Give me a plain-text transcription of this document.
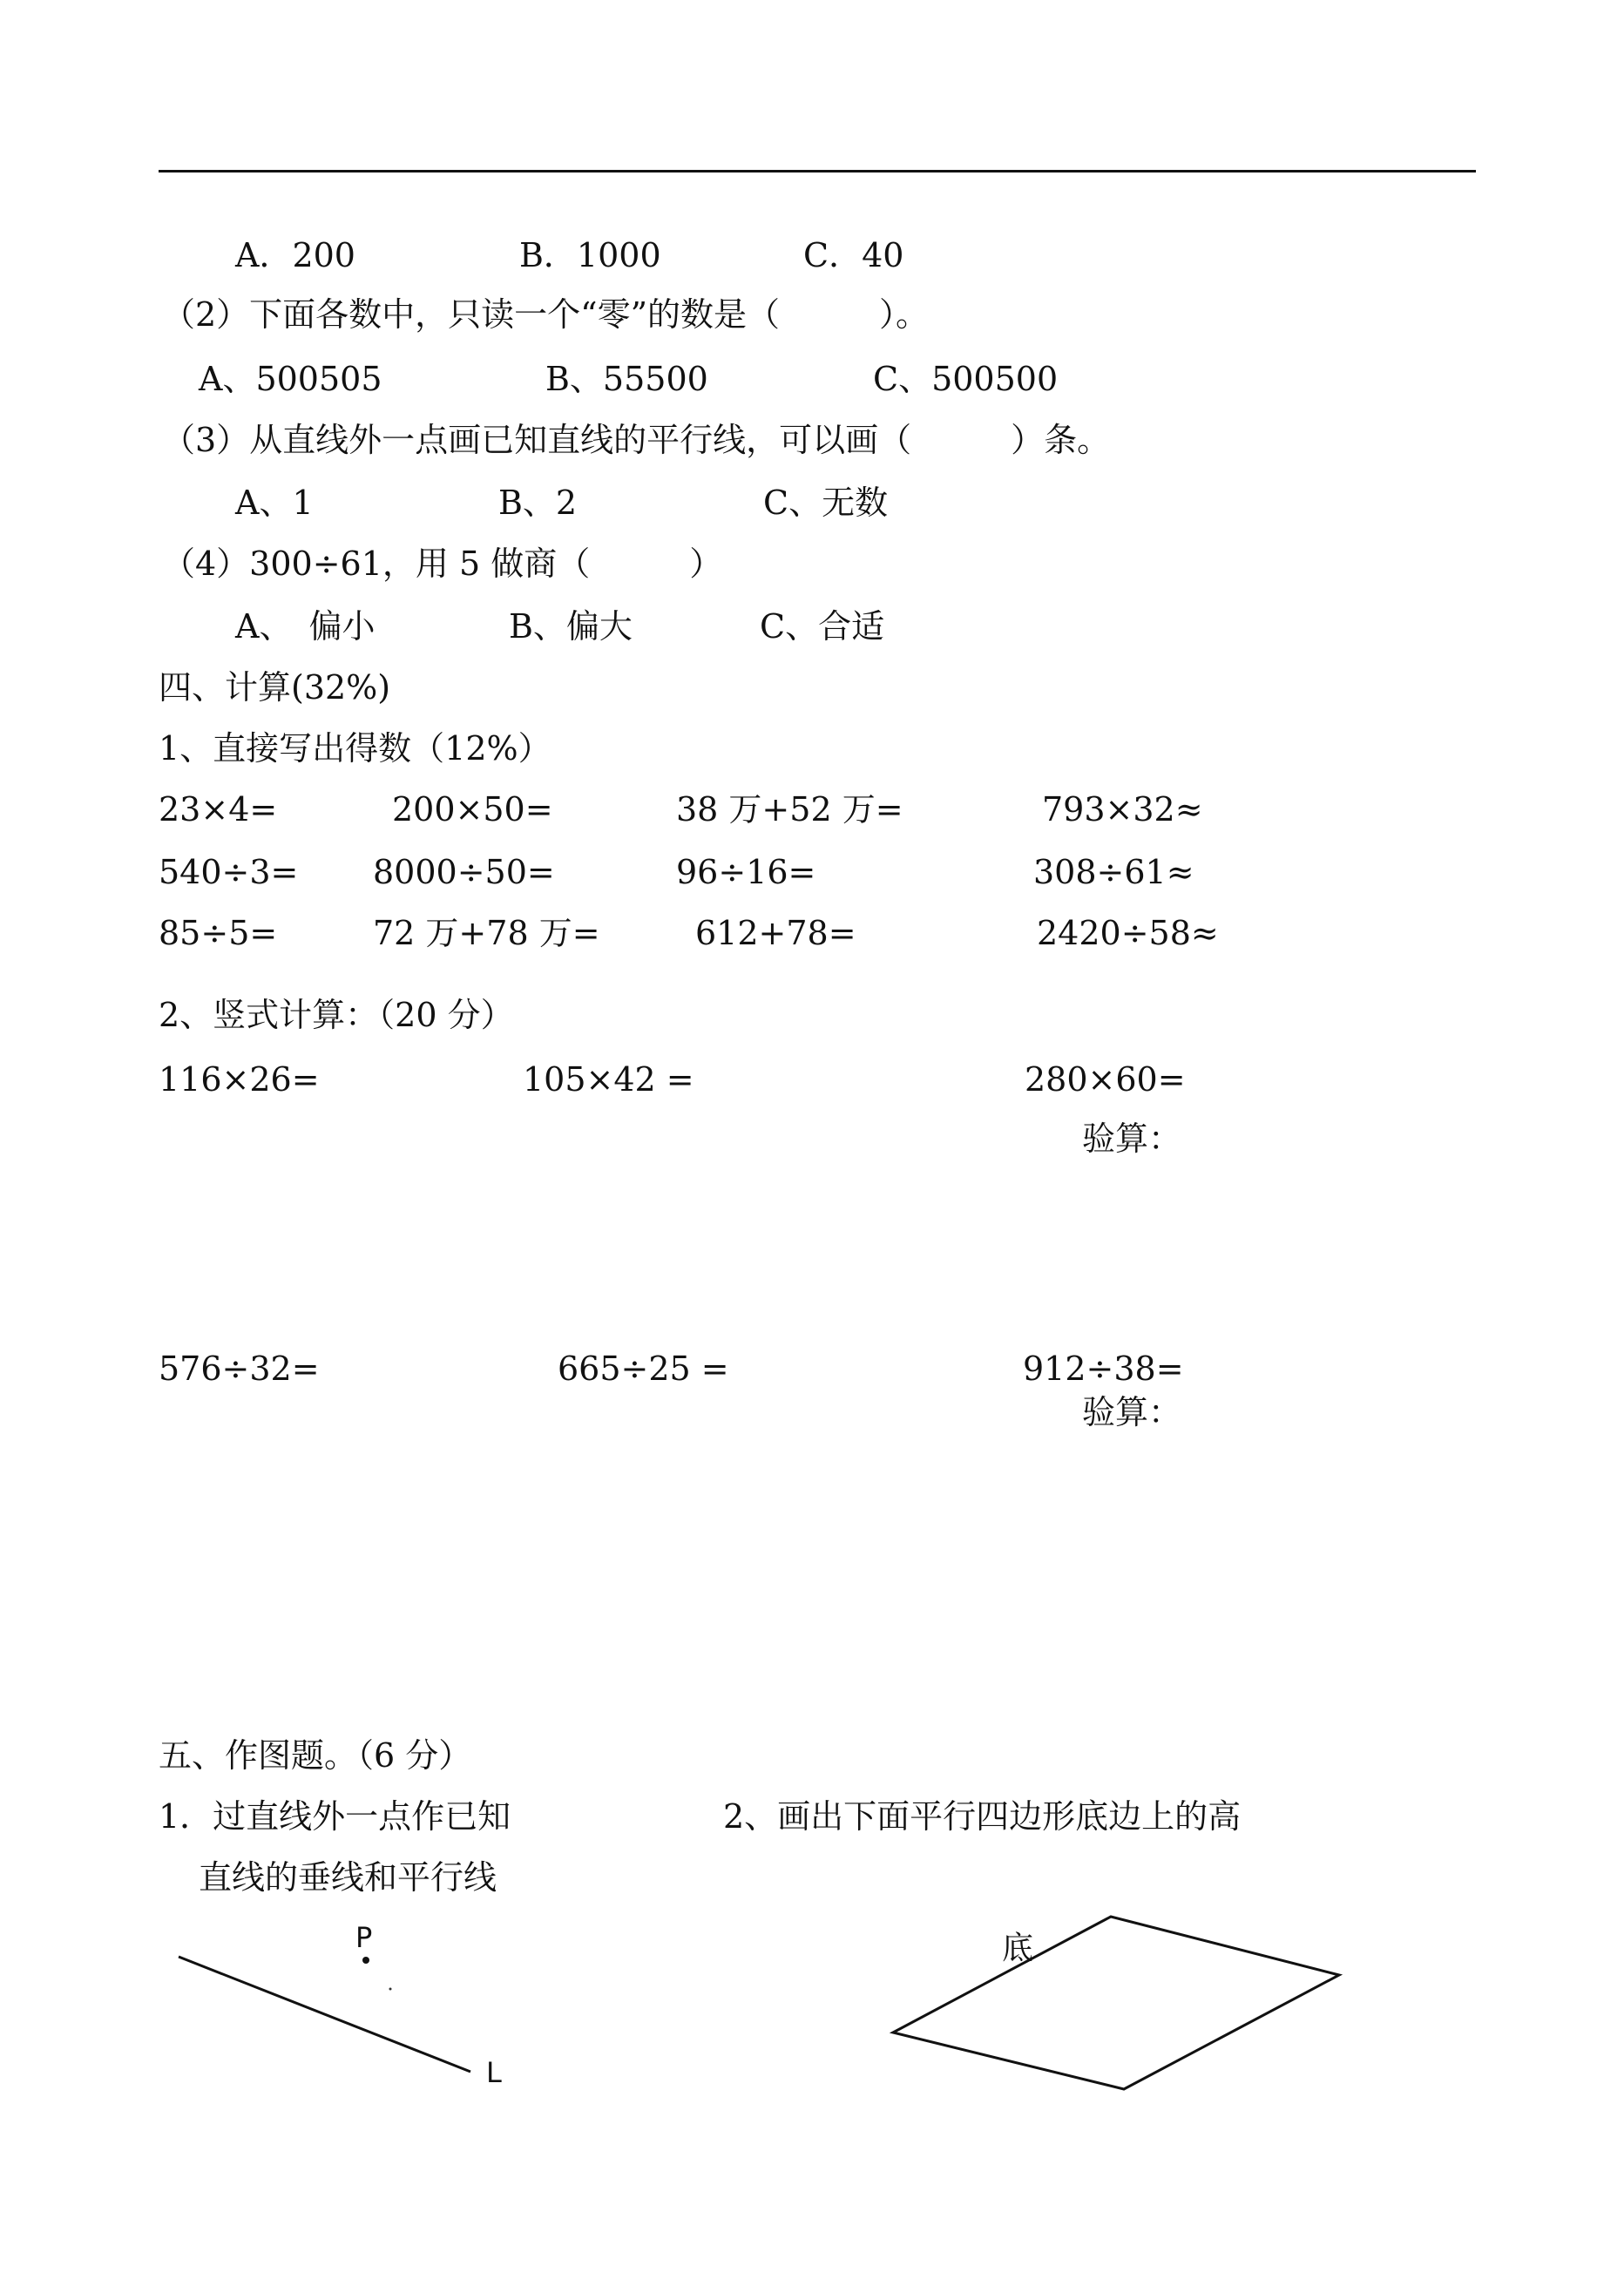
A．200	B．1000	C．40
（2）下面各数中，只读一个“零”的数是（　　　）。
A、500505	B、55500	C、500500
（3）从直线外一点画已知直线的平行线，可以画（　　　）条。
A、1	B、2	C、无数
（4）300÷61，用 5 做商（　　　）
A、　偏小	B、偏大	C、合适
四、计算(32%)
1、直接写出得数（12%）
23×4=	200×50=	38 万+52 万=	793×32≈
540÷3= 8000÷50=	96÷16=	308÷61≈
85÷5=	72 万+78 万=	612+78=	2420÷58≈
2、竖式计算：（20 分）
116×26=	105×42 =	280×60=
验算：
576÷32=	665÷25 =	912÷38=
验算：
五、作图题。（6 分）
1．过直线外一点作已知
直线的垂线和平行线
2、画出下面平行四边形底边上的高
P
L
底
